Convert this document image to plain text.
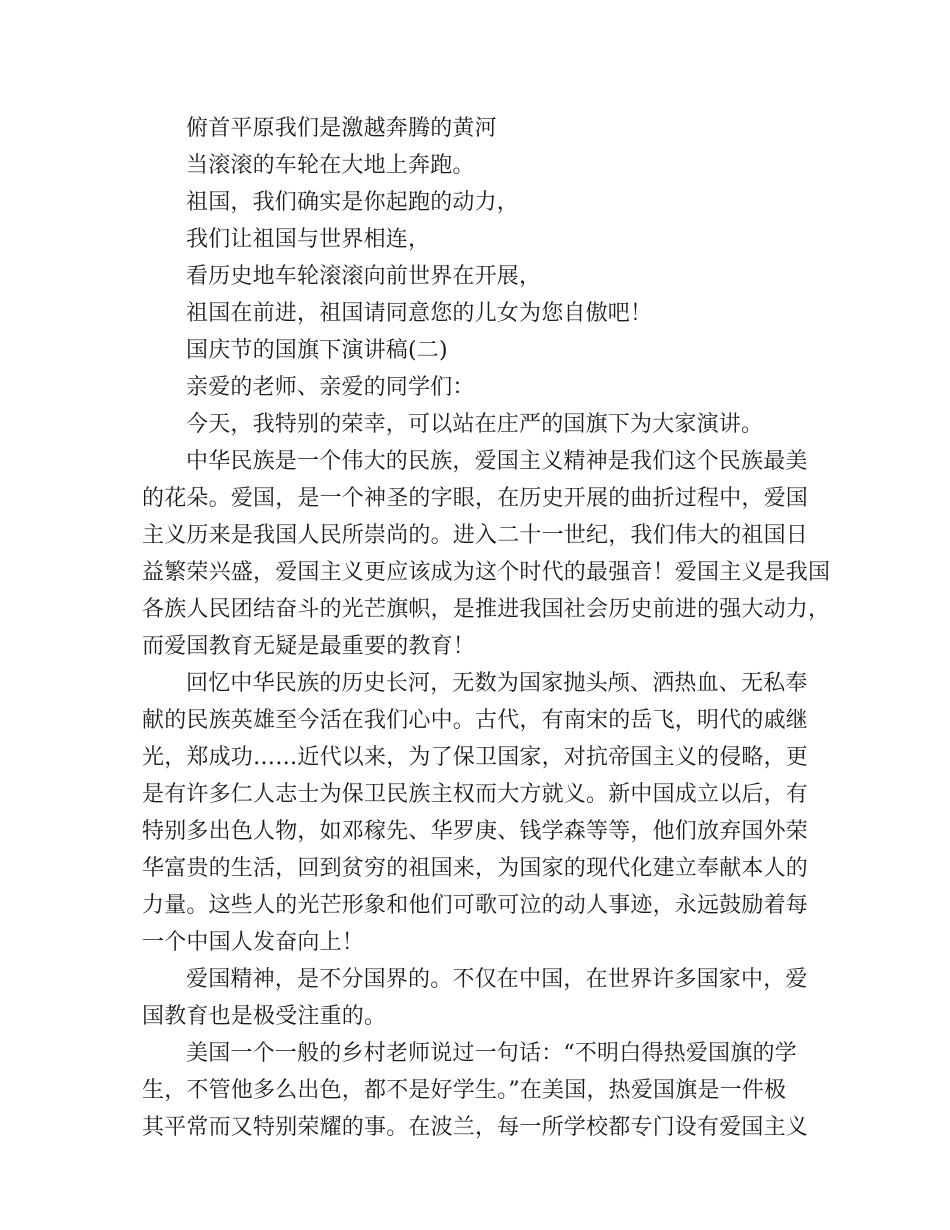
俯首平原我们是激越奔腾的黄河
当滚滚的车轮在大地上奔跑。
祖国，我们确实是你起跑的动力，
我们让祖国与世界相连，
看历史地车轮滚滚向前世界在开展，
祖国在前进，祖国请同意您的儿女为您自傲吧！
国庆节的国旗下演讲稿(二)
亲爱的老师、亲爱的同学们：
今天，我特别的荣幸，可以站在庄严的国旗下为大家演讲。
中华民族是一个伟大的民族，爱国主义精神是我们这个民族最美
的花朵。爱国，是一个神圣的字眼，在历史开展的曲折过程中，爱国
主义历来是我国人民所崇尚的。进入二十一世纪，我们伟大的祖国日
益繁荣兴盛，爱国主义更应该成为这个时代的最强音！爱国主义是我国
各族人民团结奋斗的光芒旗帜，是推进我国社会历史前进的强大动力，
而爱国教育无疑是最重要的教育！
回忆中华民族的历史长河，无数为国家抛头颅、洒热血、无私奉
献的民族英雄至今活在我们心中。古代，有南宋的岳飞，明代的戚继
光，郑成功……近代以来，为了保卫国家，对抗帝国主义的侵略，更
是有许多仁人志士为保卫民族主权而大方就义。新中国成立以后，有
特别多出色人物，如邓稼先、华罗庚、钱学森等等，他们放弃国外荣
华富贵的生活，回到贫穷的祖国来，为国家的现代化建立奉献本人的
力量。这些人的光芒形象和他们可歌可泣的动人事迹，永远鼓励着每
一个中国人发奋向上！
爱国精神，是不分国界的。不仅在中国，在世界许多国家中，爱
国教育也是极受注重的。
美国一个一般的乡村老师说过一句话：“不明白得热爱国旗的学
生，不管他多么出色，都不是好学生。”在美国，热爱国旗是一件极
其平常而又特别荣耀的事。在波兰，每一所学校都专门设有爱国主义
